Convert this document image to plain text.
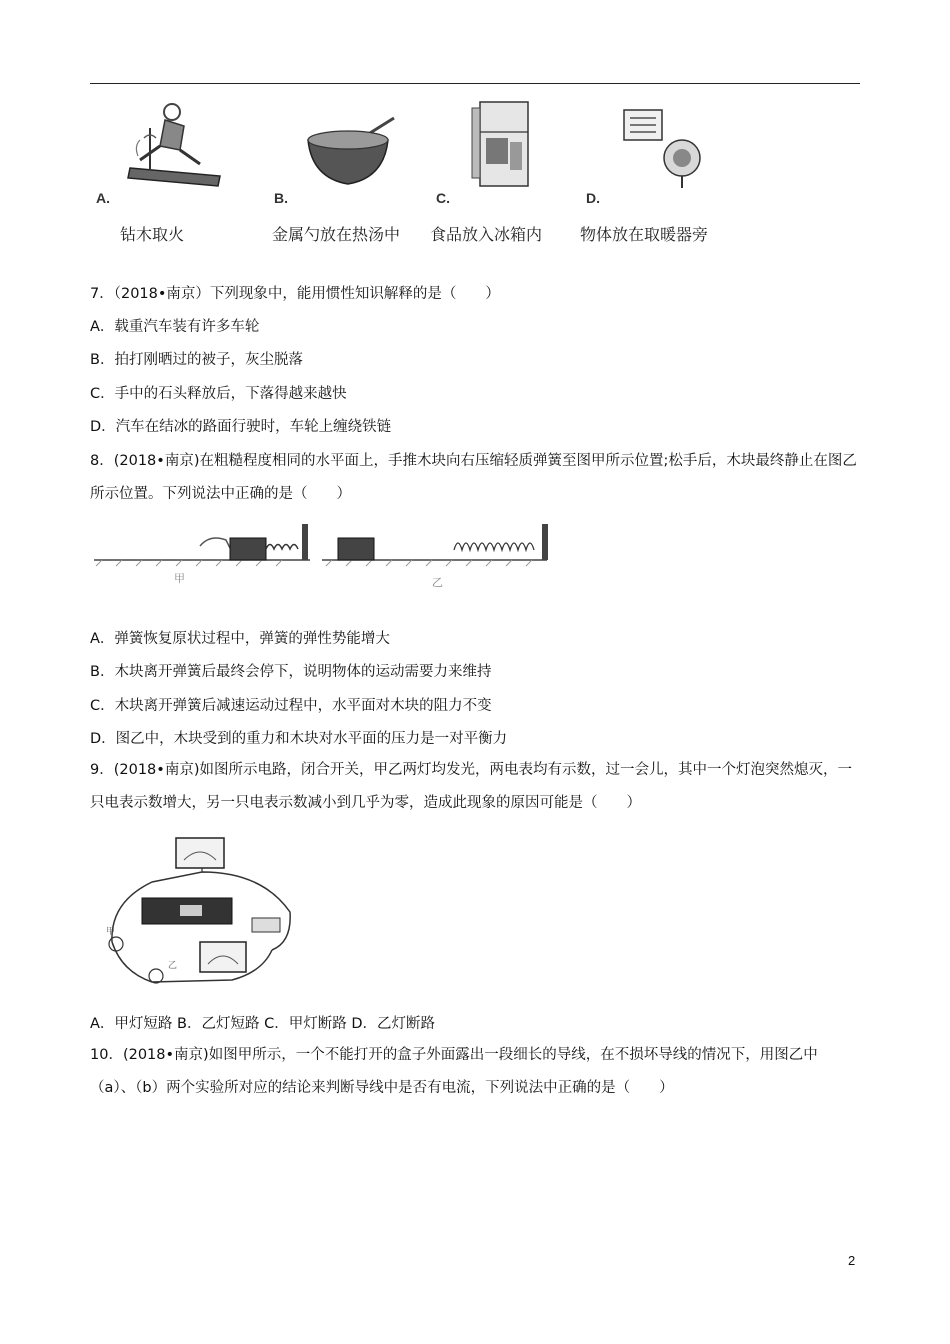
A.
钻木取火
B.
金属勺放在热汤中
C.
食品放入冰箱内
D.
物体放在取暖器旁
7．（2018•南京）下列现象中，能用惯性知识解释的是（　　）
A．载重汽车装有许多车轮
B．拍打刚晒过的被子，灰尘脱落
C．手中的石头释放后，下落得越来越快
D．汽车在结冰的路面行驶时，车轮上缠绕铁链
8．(2018•南京)在粗糙程度相同的水平面上，手推木块向右压缩轻质弹簧至图甲所示位置;松手后，木块最终静止在图乙所示位置。下列说法中正确的是（　　）
甲	乙
A．弹簧恢复原状过程中，弹簧的弹性势能增大
B．木块离开弹簧后最终会停下，说明物体的运动需要力来维持
C．木块离开弹簧后减速运动过程中，水平面对木块的阻力不变
D．图乙中，木块受到的重力和木块对水平面的压力是一对平衡力
9．(2018•南京)如图所示电路，闭合开关，甲乙两灯均发光，两电表均有示数，过一会儿，其中一个灯泡突然熄灭，一只电表示数增大，另一只电表示数减小到几乎为零，造成此现象的原因可能是（　　）
甲
乙
A．甲灯短路 B．乙灯短路 C．甲灯断路 D．乙灯断路
10．(2018•南京)如图甲所示，一个不能打开的盒子外面露出一段细长的导线，在不损坏导线的情况下，用图乙中（a）、（b）两个实验所对应的结论来判断导线中是否有电流，下列说法中正确的是（　　）
2
